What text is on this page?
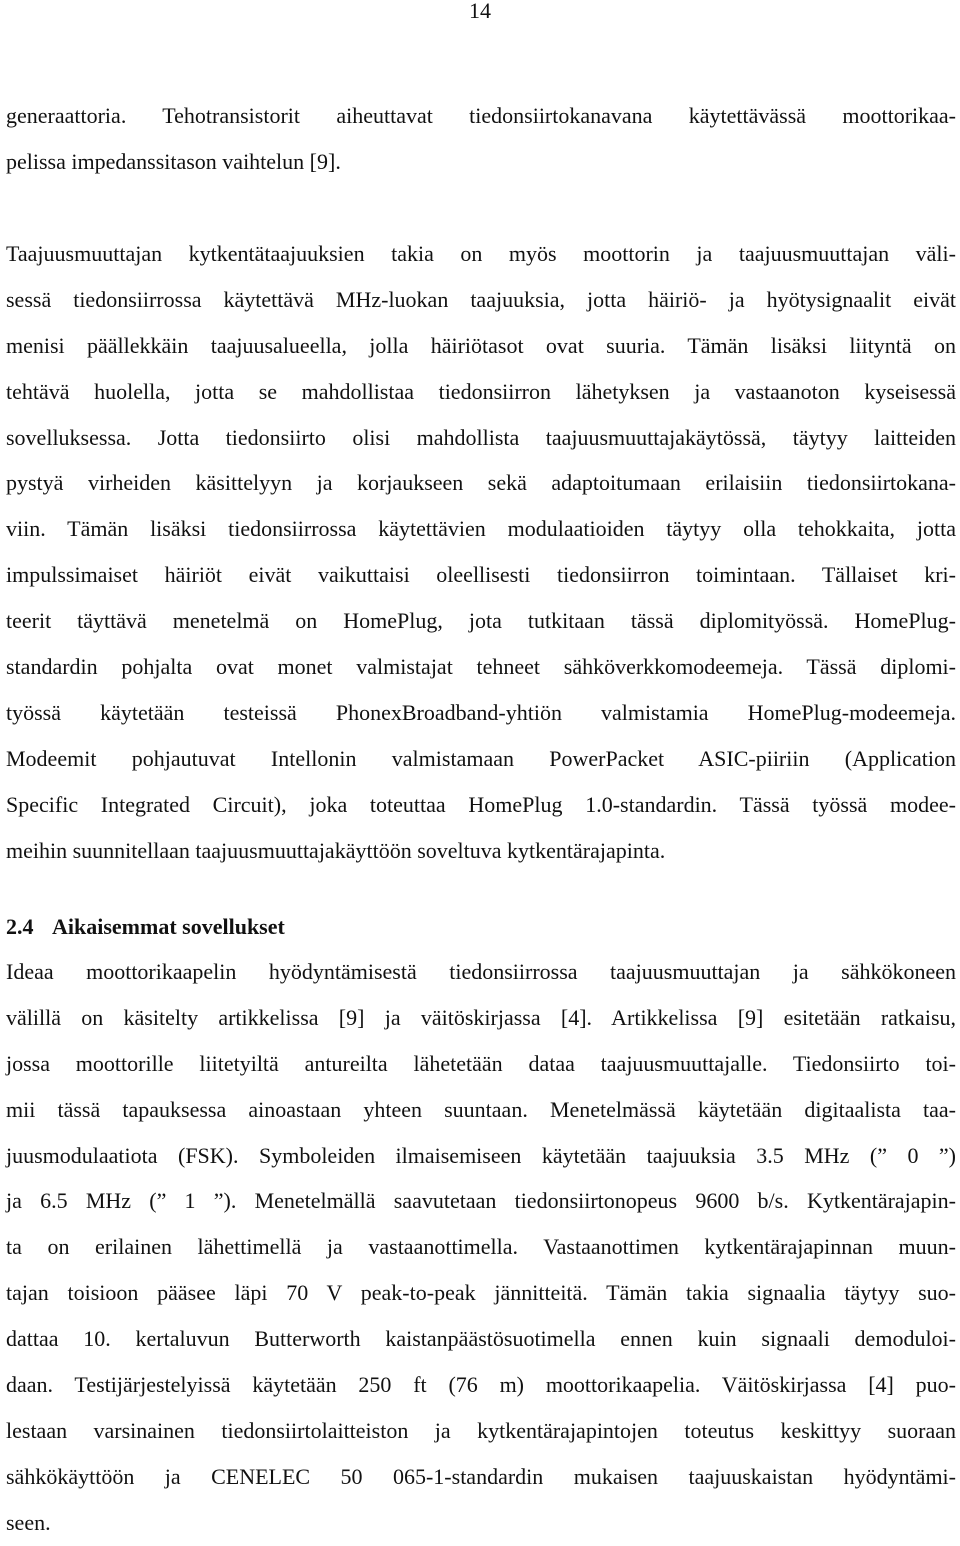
14
generaattoria. Tehotransistorit aiheuttavat tiedonsiirtokanavana käytettävässä moottorikaa-
pelissa impedanssitason vaihtelun [9].
Taajuusmuuttajan kytkentätaajuuksien takia on myös moottorin ja taajuusmuuttajan väli-
sessä tiedonsiirrossa käytettävä MHz-luokan taajuuksia, jotta häiriö- ja hyötysignaalit eivät
menisi päällekkäin taajuusalueella, jolla häiriötasot ovat suuria. Tämän lisäksi liityntä on
tehtävä huolella, jotta se mahdollistaa tiedonsiirron lähetyksen ja vastaanoton kyseisessä
sovelluksessa. Jotta tiedonsiirto olisi mahdollista taajuusmuuttajakäytössä, täytyy laitteiden
pystyä virheiden käsittelyyn ja korjaukseen sekä adaptoitumaan erilaisiin tiedonsiirtokana-
viin. Tämän lisäksi tiedonsiirrossa käytettävien modulaatioiden täytyy olla tehokkaita, jotta
impulssimaiset häiriöt eivät vaikuttaisi oleellisesti tiedonsiirron toimintaan. Tällaiset kri-
teerit täyttävä menetelmä on HomePlug, jota tutkitaan tässä diplomityössä. HomePlug-
standardin pohjalta ovat monet valmistajat tehneet sähköverkkomodeemeja. Tässä diplomi-
työssä käytetään testeissä PhonexBroadband-yhtiön valmistamia HomePlug-modeemeja.
Modeemit pohjautuvat Intellonin valmistamaan PowerPacket ASIC-piiriin (Application
Specific Integrated Circuit), joka toteuttaa HomePlug 1.0-standardin. Tässä työssä modee-
meihin suunnitellaan taajuusmuuttajakäyttöön soveltuva kytkentärajapinta.
2.4 Aikaisemmat sovellukset
Ideaa moottorikaapelin hyödyntämisestä tiedonsiirrossa taajuusmuuttajan ja sähkökoneen
välillä on käsitelty artikkelissa [9] ja väitöskirjassa [4]. Artikkelissa [9] esitetään ratkaisu,
jossa moottorille liitetyiltä antureilta lähetetään dataa taajuusmuuttajalle. Tiedonsiirto toi-
mii tässä tapauksessa ainoastaan yhteen suuntaan. Menetelmässä käytetään digitaalista taa-
juusmodulaatiota (FSK). Symboleiden ilmaisemiseen käytetään taajuuksia 3.5 MHz (” 0 ”)
ja 6.5 MHz (” 1 ”). Menetelmällä saavutetaan tiedonsiirtonopeus 9600 b/s. Kytkentärajapin-
ta on erilainen lähettimellä ja vastaanottimella. Vastaanottimen kytkentärajapinnan muun-
tajan toisioon pääsee läpi 70 V peak-to-peak jännitteitä. Tämän takia signaalia täytyy suo-
dattaa 10. kertaluvun Butterworth kaistanpäästösuotimella ennen kuin signaali demoduloi-
daan. Testijärjestelyissä käytetään 250 ft (76 m) moottorikaapelia. Väitöskirjassa [4] puo-
lestaan varsinainen tiedonsiirtolaitteiston ja kytkentärajapintojen toteutus keskittyy suoraan
sähkökäyttöön ja CENELEC 50 065-1-standardin mukaisen taajuuskaistan hyödyntämi-
seen.
